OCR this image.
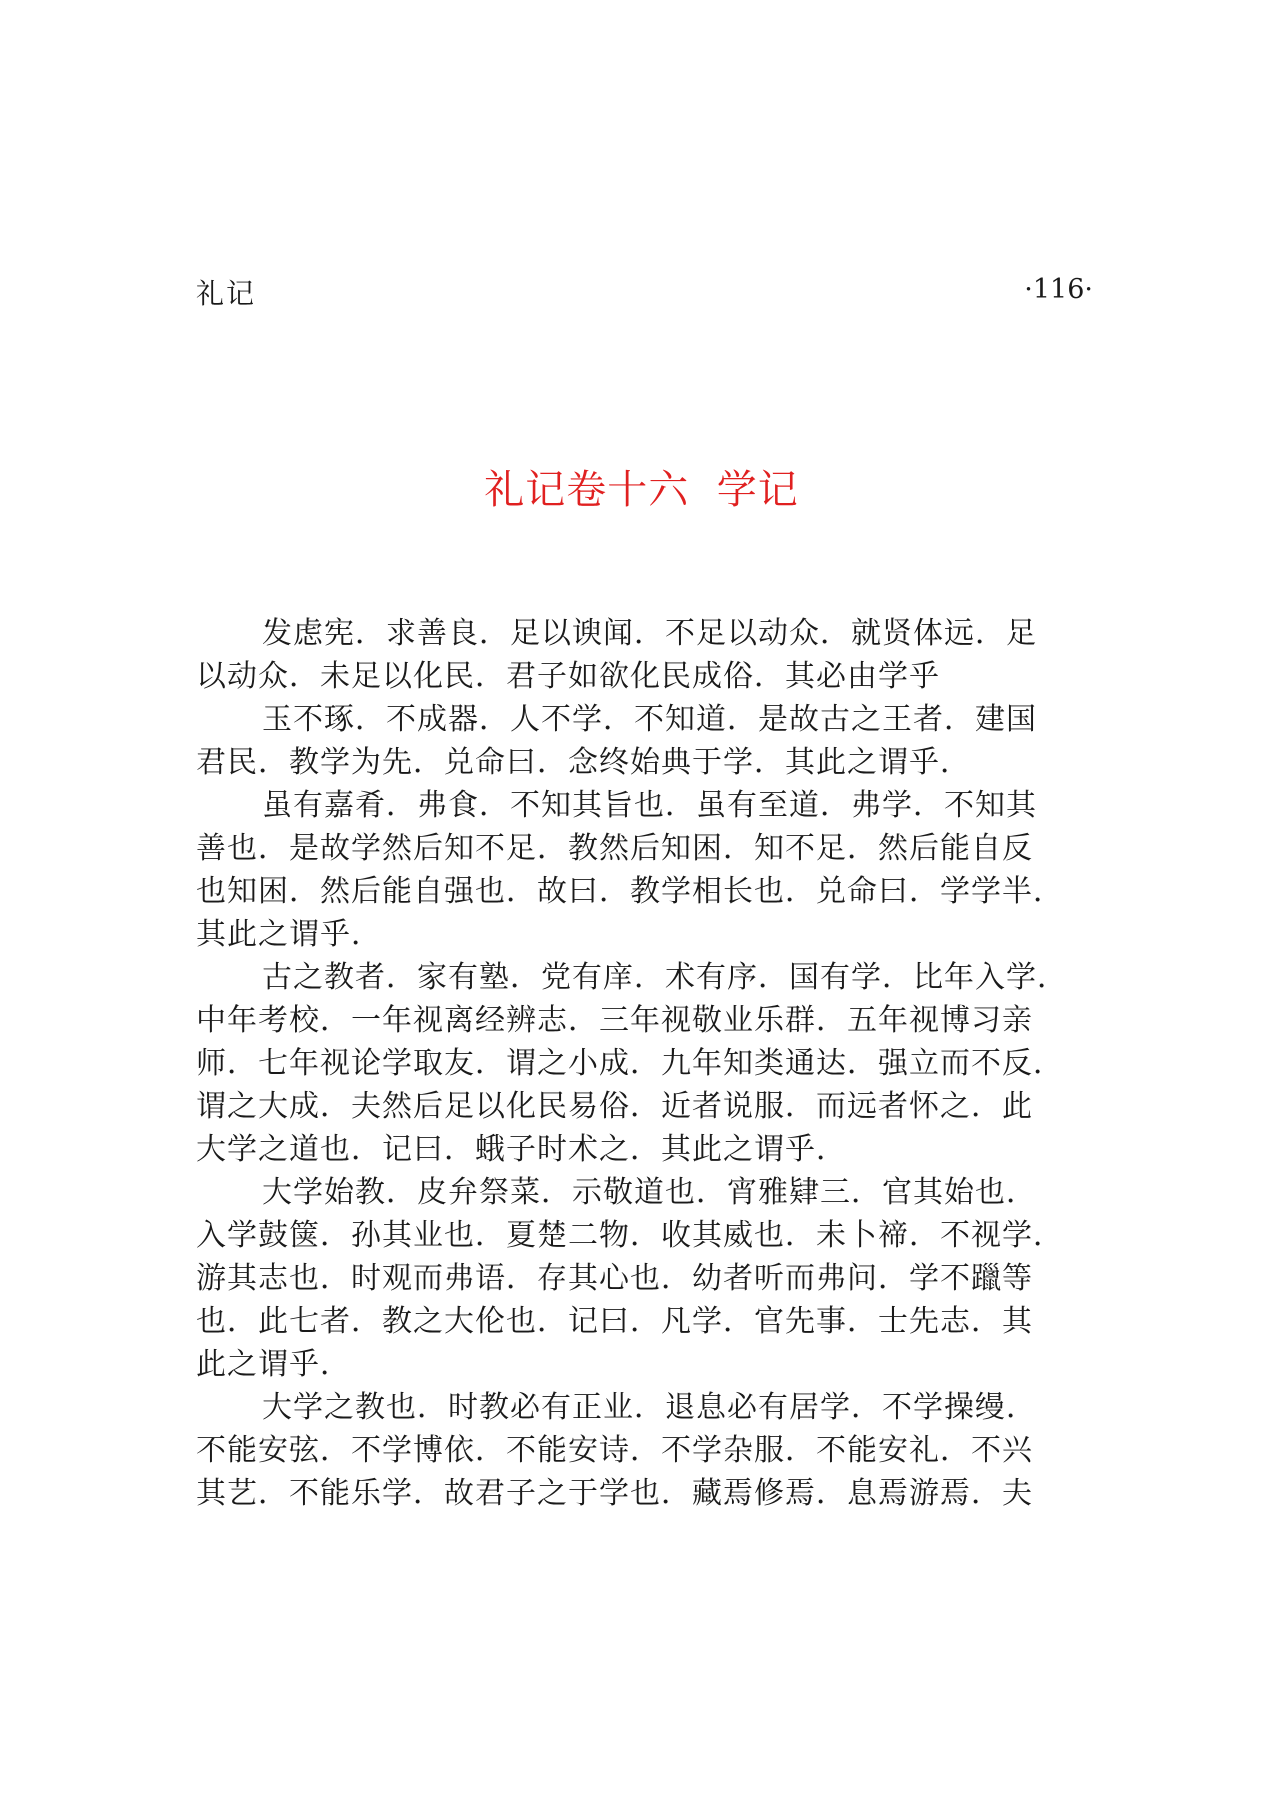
礼记	·116·
礼记卷十六  学记
发虑宪．求善良．足以谀闻．不足以动众．就贤体远．足
以动众．未足以化民．君子如欲化民成俗．其必由学乎
玉不琢．不成器．人不学．不知道．是故古之王者．建国
君民．教学为先．兑命曰．念终始典于学．其此之谓乎．
虽有嘉肴．弗食．不知其旨也．虽有至道．弗学．不知其
善也．是故学然后知不足．教然后知困．知不足．然后能自反
也知困．然后能自强也．故曰．教学相长也．兑命曰．学学半．
其此之谓乎．
古之教者．家有塾．党有庠．术有序．国有学．比年入学．
中年考校．一年视离经辨志．三年视敬业乐群．五年视博习亲
师．七年视论学取友．谓之小成．九年知类通达．强立而不反．
谓之大成．夫然后足以化民易俗．近者说服．而远者怀之．此
大学之道也．记曰．蛾子时术之．其此之谓乎．
大学始教．皮弁祭菜．示敬道也．宵雅肄三．官其始也．
入学鼓箧．孙其业也．夏楚二物．收其威也．未卜禘．不视学．
游其志也．时观而弗语．存其心也．幼者听而弗问．学不躐等
也．此七者．教之大伦也．记曰．凡学．官先事．士先志．其
此之谓乎．
大学之教也．时教必有正业．退息必有居学．不学操缦．
不能安弦．不学博依．不能安诗．不学杂服．不能安礼．不兴
其艺．不能乐学．故君子之于学也．藏焉修焉．息焉游焉．夫
